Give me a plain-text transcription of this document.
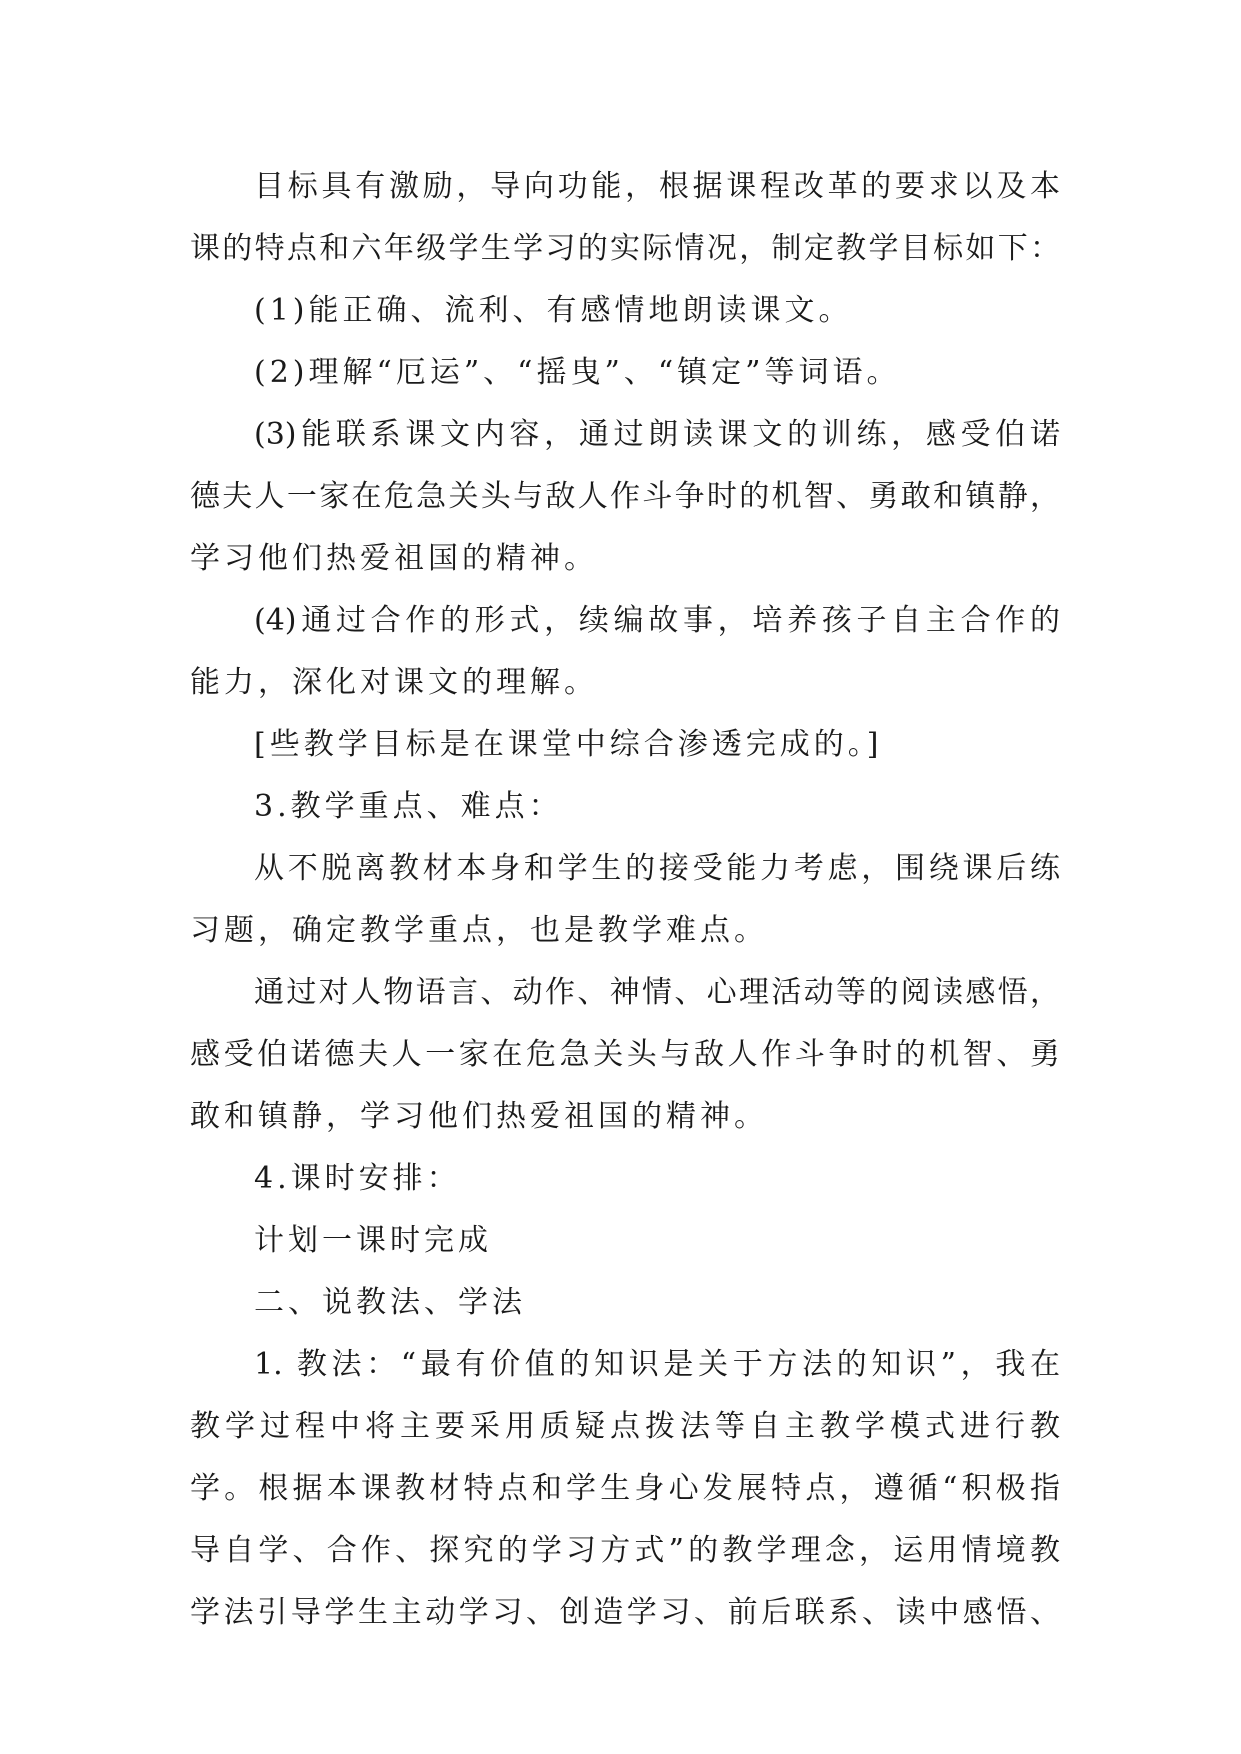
目标具有激励，导向功能，根据课程改革的要求以及本
课的特点和六年级学生学习的实际情况，制定教学目标如下：
(1)能正确、流利、有感情地朗读课文。
(2)理解“厄运”、“摇曳”、“镇定”等词语。
(3)能联系课文内容，通过朗读课文的训练，感受伯诺
德夫人一家在危急关头与敌人作斗争时的机智、勇敢和镇静，
学习他们热爱祖国的精神。
(4)通过合作的形式，续编故事，培养孩子自主合作的
能力，深化对课文的理解。
[些教学目标是在课堂中综合渗透完成的。]
3.教学重点、难点：
从不脱离教材本身和学生的接受能力考虑，围绕课后练
习题，确定教学重点，也是教学难点。
通过对人物语言、动作、神情、心理活动等的阅读感悟，
感受伯诺德夫人一家在危急关头与敌人作斗争时的机智、勇
敢和镇静，学习他们热爱祖国的精神。
4.课时安排：
计划一课时完成
二、说教法、学法
1. 教法：“最有价值的知识是关于方法的知识”，我在
教学过程中将主要采用质疑点拨法等自主教学模式进行教
学。根据本课教材特点和学生身心发展特点，遵循“积极指
导自学、合作、探究的学习方式”的教学理念，运用情境教
学法引导学生主动学习、创造学习、前后联系、读中感悟、
